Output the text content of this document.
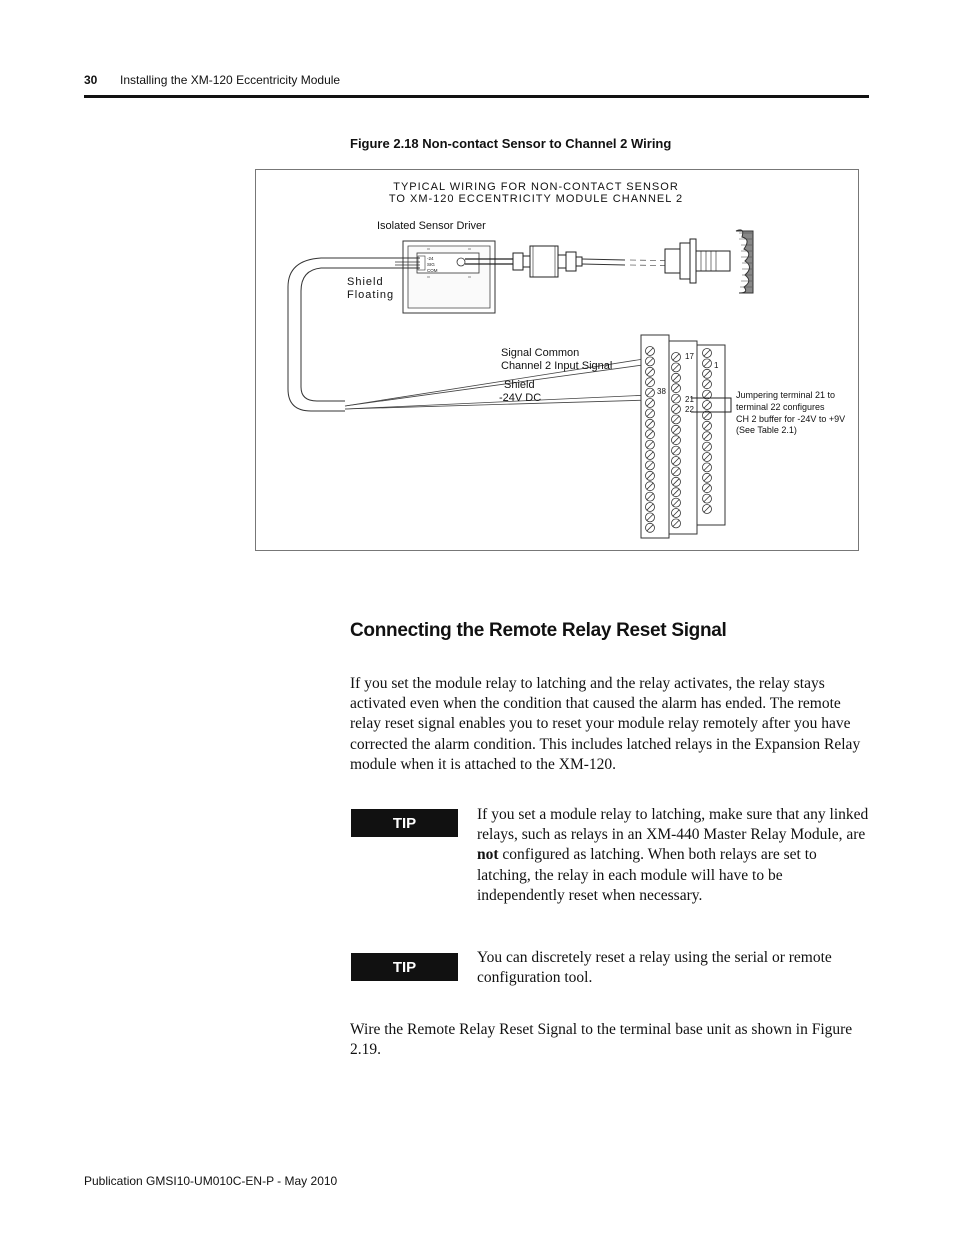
30 Installing the XM-120 Eccentricity Module
Figure 2.18 Non-contact Sensor to Channel 2 Wiring
TYPICAL WIRING FOR NON-CONTACT SENSOR
TO XM-120 ECCENTRICITY MODULE CHANNEL 2
Isolated Sensor Driver
-24
SIG
COM
Shield
Floating
Signal Common
Channel 2 Input Signal
Shield
-24V DC
17
1
38
21
22
Jumpering terminal 21 to
terminal 22 configures
CH 2 buffer for -24V to +9V
(See Table 2.1)
Connecting the Remote Relay Reset Signal
If you set the module relay to latching and the relay activates, the relay stays activated even when the condition that caused the alarm has ended. The remote relay reset signal enables you to reset your module relay remotely after you have corrected the alarm condition. This includes latched relays in the Expansion Relay module when it is attached to the XM-120.
TIP	If you set a module relay to latching, make sure that any linked relays, such as relays in an XM-440 Master Relay Module, are not configured as latching. When both relays are set to latching, the relay in each module will have to be independently reset when necessary.
TIP
You can discretely reset a relay using the serial or remote configuration tool.
Wire the Remote Relay Reset Signal to the terminal base unit as shown in Figure 2.19.
Publication GMSI10-UM010C-EN-P - May 2010
